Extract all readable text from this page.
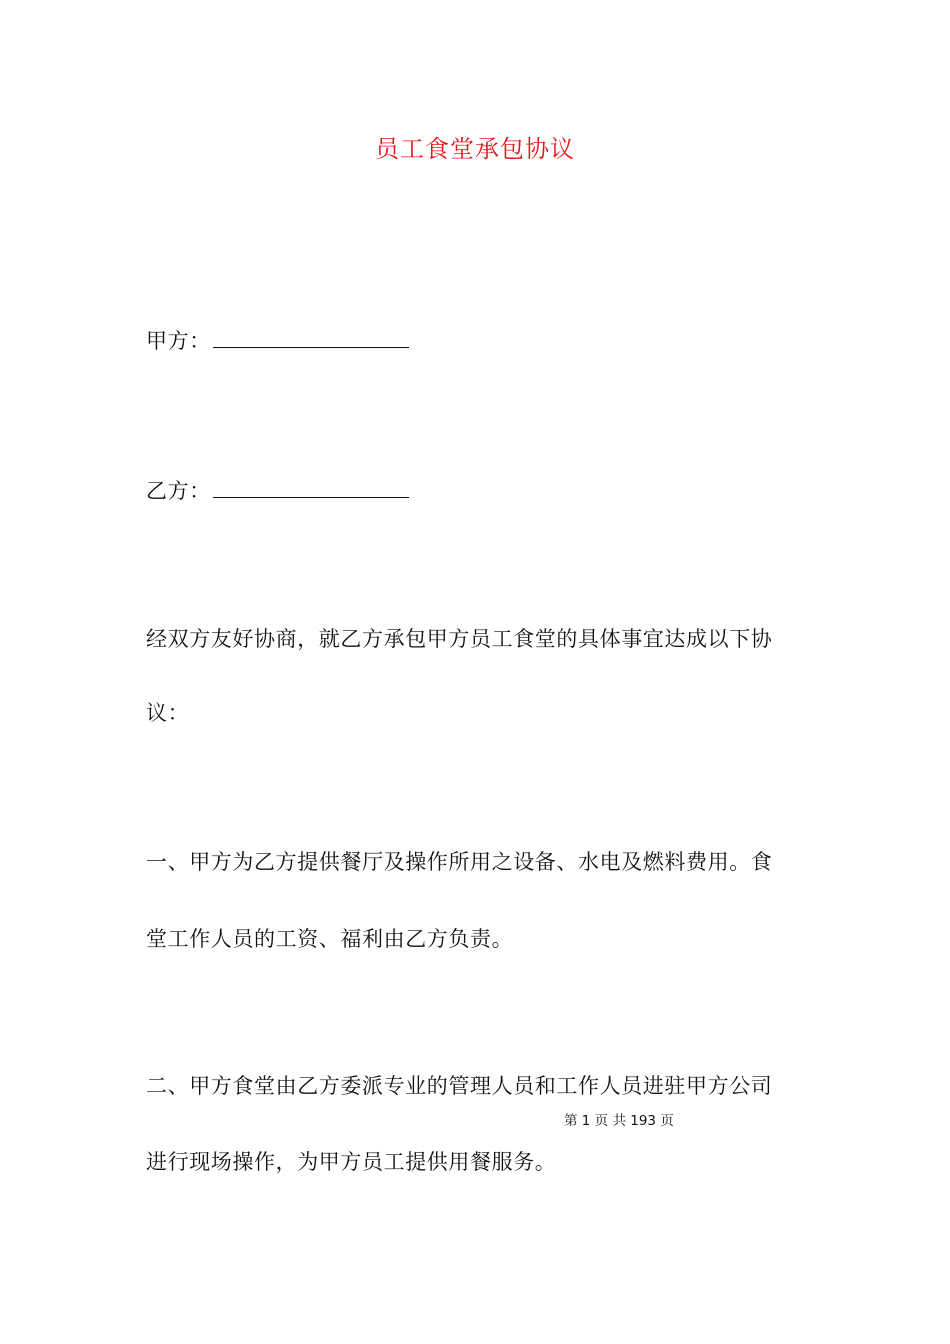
员工食堂承包协议
甲方：
乙方：
经双方友好协商，就乙方承包甲方员工食堂的具体事宜达成以下协
议：
一、甲方为乙方提供餐厅及操作所用之设备、水电及燃料费用。食
堂工作人员的工资、福利由乙方负责。
二、甲方食堂由乙方委派专业的管理人员和工作人员进驻甲方公司
第 1 页 共 193 页
进行现场操作，为甲方员工提供用餐服务。
